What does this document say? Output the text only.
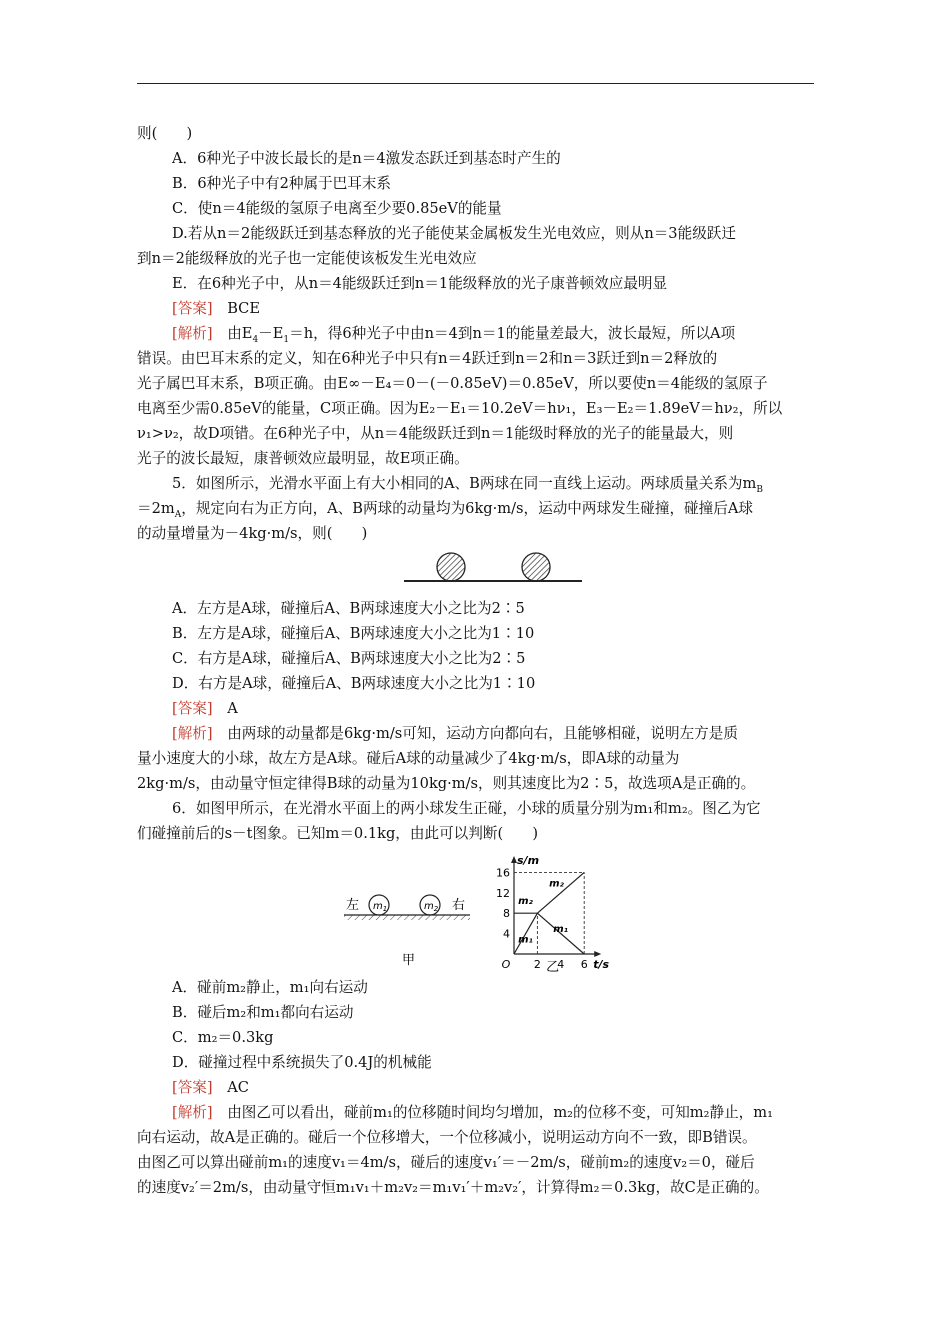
则(　　)
A．6种光子中波长最长的是n＝4激发态跃迁到基态时产生的
B．6种光子中有2种属于巴耳末系
C．使n＝4能级的氢原子电离至少要0.85eV的能量
D.若从n＝2能级跃迁到基态释放的光子能使某金属板发生光电效应，则从n＝3能级跃迁
到n＝2能级释放的光子也一定能使该板发生光电效应
E．在6种光子中，从n＝4能级跃迁到n＝1能级释放的光子康普顿效应最明显
[答案]　 BCE
[解析]　 由$E_4-E_1=h$，得6种光子中由n＝4到n＝1的能量差最大，波长最短，所以A项
错误。由巴耳末系的定义，知在6种光子中只有n＝4跃迁到n＝2和n＝3跃迁到n＝2释放的
光子属巴耳末系，B项正确。由E∞－E₄＝0－(－0.85eV)＝0.85eV，所以要使n＝4能级的氢原子
电离至少需0.85eV的能量，C项正确。因为E₂－E₁＝10.2eV＝hν₁，E₃－E₂＝1.89eV＝hν₂，所以
ν₁>ν₂，故D项错。在6种光子中，从n＝4能级跃迁到n＝1能级时释放的光子的能量最大，则
光子的波长最短，康普顿效应最明显，故E项正确。
5．如图所示，光滑水平面上有大小相同的A、B两球在同一直线上运动。两球质量关系为$m_B$
$=2m_A$，规定向右为正方向，A、B两球的动量均为6kg·m/s，运动中两球发生碰撞，碰撞后A球
的动量增量为－4kg·m/s，则(　　)
A．左方是A球，碰撞后A、B两球速度大小之比为2∶5
B．左方是A球，碰撞后A、B两球速度大小之比为1∶10
C．右方是A球，碰撞后A、B两球速度大小之比为2∶5
D．右方是A球，碰撞后A、B两球速度大小之比为1∶10
[答案]　 A
[解析]　 由两球的动量都是6kg·m/s可知，运动方向都向右，且能够相碰，说明左方是质
量小速度大的小球，故左方是A球。碰后A球的动量减少了4kg·m/s，即A球的动量为
2kg·m/s，由动量守恒定律得B球的动量为10kg·m/s，则其速度比为2∶5，故选项A是正确的。
6．如图甲所示，在光滑水平面上的两小球发生正碰，小球的质量分别为m₁和m₂。图乙为它
们碰撞前后的s－t图象。已知m＝0.1kg，由此可以判断(　　)
左	右
$m_1$	$m_2$
甲
4
8
12
16
2 4 6
O
s/m
t/s
乙
m₁
m₁
m₂
m₂
A．碰前m₂静止，m₁向右运动
B．碰后m₂和m₁都向右运动
C．m₂＝0.3kg
D．碰撞过程中系统损失了0.4J的机械能
[答案]　 AC
[解析]　 由图乙可以看出，碰前m₁的位移随时间均匀增加，m₂的位移不变，可知m₂静止，m₁
向右运动，故A是正确的。碰后一个位移增大，一个位移减小，说明运动方向不一致，即B错误。
由图乙可以算出碰前m₁的速度v₁＝4m/s，碰后的速度v₁′＝－2m/s，碰前m₂的速度v₂＝0，碰后
的速度v₂′＝2m/s，由动量守恒m₁v₁＋m₂v₂＝m₁v₁′＋m₂v₂′，计算得m₂＝0.3kg，故C是正确的。
